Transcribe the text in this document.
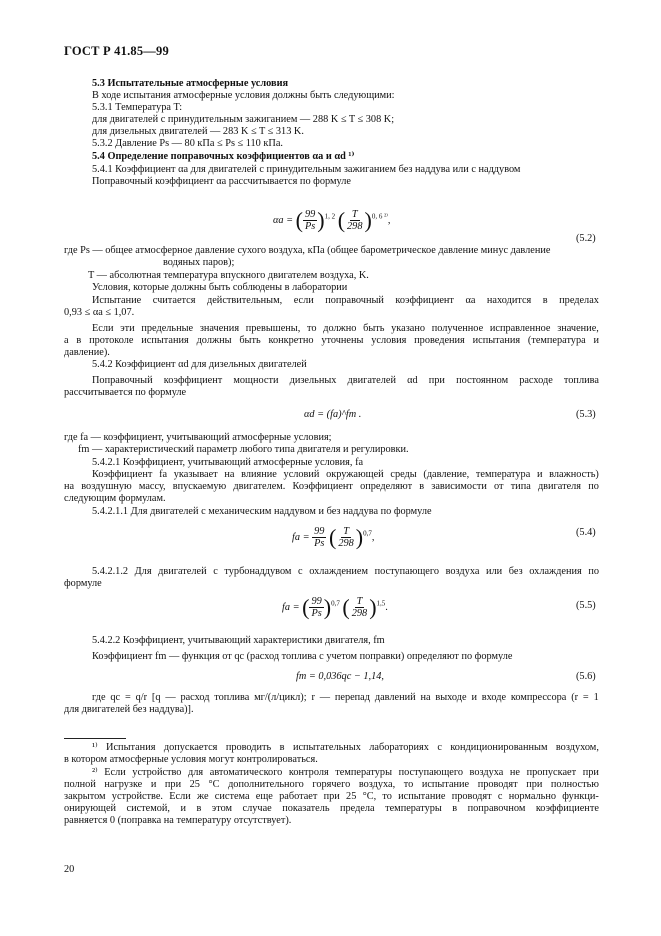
ГОСТ Р 41.85—99
5.3 Испытательные атмосферные условия
В ходе испытания атмосферные условия должны быть следующими:
5.3.1 Температура T:
для двигателей с принудительным зажиганием — 288 K ≤ T ≤ 308 K;
для дизельных двигателей — 283 K ≤ T ≤ 313 K.
5.3.2 Давление Ps — 80 кПа ≤ Ps ≤ 110 кПа.
5.4 Определение поправочных коэффициентов αa и αd ¹⁾
5.4.1 Коэффициент αa для двигателей с принудительным зажиганием без наддува или с наддувом
Поправочный коэффициент αa рассчитывается по формуле
где Ps — общее атмосферное давление сухого воздуха, кПа (общее барометрическое давление минус давление
водяных паров);
T — абсолютная температура впускного двигателем воздуха, K.
Условия, которые должны быть соблюдены в лаборатории
Испытание считается действительным, если поправочный коэффициент αa находится в пределах
0,93 ≤ αa ≤ 1,07.
Если эти предельные значения превышены, то должно быть указано полученное исправленное значение,
а в протоколе испытания должны быть конкретно уточнены условия проведения испытания (температура и
давление).
5.4.2 Коэффициент αd для дизельных двигателей
Поправочный коэффициент мощности дизельных двигателей αd при постоянном расходе топлива
рассчитывается по формуле
где fa — коэффициент, учитывающий атмосферные условия;
fm — характеристический параметр любого типа двигателя и регулировки.
5.4.2.1 Коэффициент, учитывающий атмосферные условия, fa
Коэффициент fa указывает на влияние условий окружающей среды (давление, температура и влажность)
на воздушную массу, впускаемую двигателем. Коэффициент определяют в зависимости от типа двигателя по
следующим формулам.
5.4.2.1.1 Для двигателей с механическим наддувом и без наддува по формуле
5.4.2.1.2 Для двигателей с турбонаддувом с охлаждением поступающего воздуха или без охлаждения по
формуле
5.4.2.2 Коэффициент, учитывающий характеристики двигателя, fm
Коэффициент fm — функция от qc (расход топлива с учетом поправки) определяют по формуле
где qc = q/r [q — расход топлива мг/(л/цикл); r — перепад давлений на выходе и входе компрессора (r = 1
для двигателей без наддува)].
¹⁾ Испытания допускается проводить в испытательных лабораториях с кондиционированным воздухом,
в котором атмосферные условия могут контролироваться.
²⁾ Если устройство для автоматического контроля температуры поступающего воздуха не пропускает при
полной нагрузке и при 25 °С дополнительного горячего воздуха, то испытание проводят при полностью
закрытом устройстве. Если же система еще работает при 25 °С, то испытание проводят с нормально функци-
онирующей системой, и в этом случае показатель предела температуры в поправочном коэффициенте
равняется 0 (поправка на температуру отсутствует).
αa = ( $\frac{99}{Ps} )^{1, 2}$ ( $\frac{T}{298} )^{0, 6 ^{2)}}$,
(5.2)
αd = (fa)^fm .	(5.3)
fa = $\frac{99}{Ps}$ ( $\frac{T}{298} )^{0,7}$,	(5.4)
fa = ( $\frac{99}{Ps} )^{0,7}$ ( $\frac{T}{298} )^{1,5}$.	(5.5)
fm = 0,036qc − 1,14,	(5.6)
20
